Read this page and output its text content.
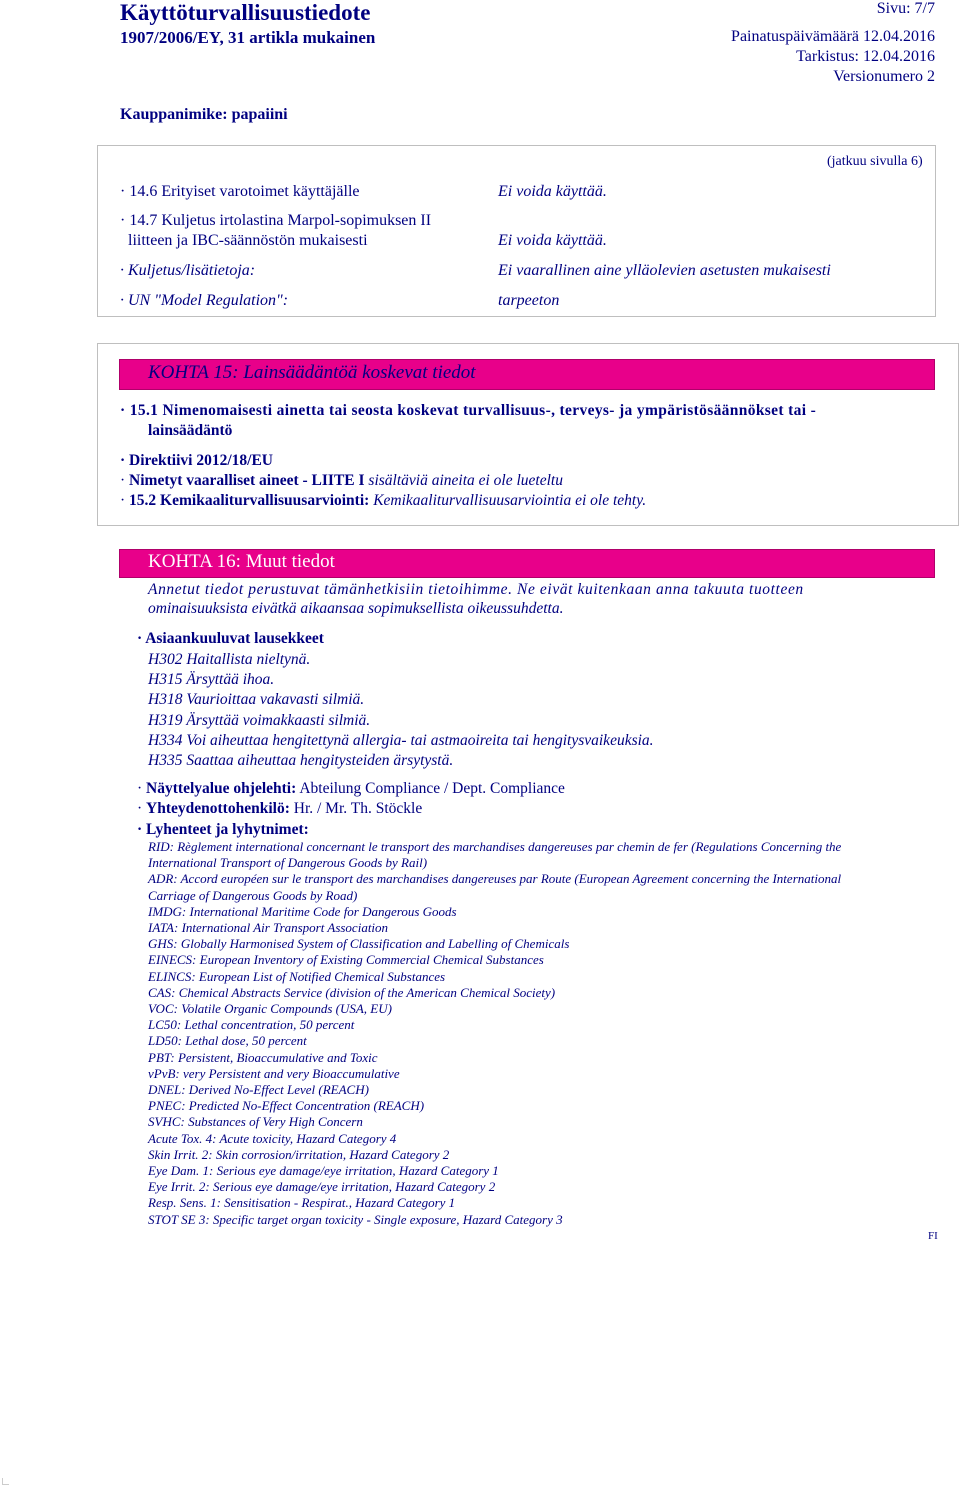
Käyttöturvallisuustiedote
1907/2006/EY, 31 artikla mukainen
Sivu: 7/7
Painatuspäivämäärä 12.04.2016
Tarkistus: 12.04.2016
Versionumero 2
Kauppanimike: papaiini
(jatkuu sivulla 6)
· 14.6 Erityiset varotoimet käyttäjälle	Ei voida käyttää.
· 14.7 Kuljetus irtolastina Marpol-sopimuksen II
liitteen ja IBC-säännöstön mukaisesti	Ei voida käyttää.
· Kuljetus/lisätietoja:	Ei vaarallinen aine ylläolevien asetusten mukaisesti
· UN "Model Regulation":	tarpeeton
KOHTA 15: Lainsäädäntöä koskevat tiedot
· 15.1 Nimenomaisesti ainetta tai seosta koskevat turvallisuus-, terveys- ja ympäristösäännökset tai -
lainsäädäntö
· Direktiivi 2012/18/EU
· Nimetyt vaaralliset aineet - LIITE I sisältäviä aineita ei ole lueteltu
· 15.2 Kemikaaliturvallisuusarviointi: Kemikaaliturvallisuusarviointia ei ole tehty.
KOHTA 16: Muut tiedot
Annetut tiedot perustuvat tämänhetkisiin tietoihimme. Ne eivät kuitenkaan anna takuuta tuotteen
ominaisuuksista eivätkä aikaansaa sopimuksellista oikeussuhdetta.
· Asiaankuuluvat lausekkeet
H302 Haitallista nieltynä.
H315 Ärsyttää ihoa.
H318 Vaurioittaa vakavasti silmiä.
H319 Ärsyttää voimakkaasti silmiä.
H334 Voi aiheuttaa hengitettynä allergia- tai astmaoireita tai hengitysvaikeuksia.
H335 Saattaa aiheuttaa hengitysteiden ärsytystä.
· Näyttelyalue ohjelehti: Abteilung Compliance / Dept. Compliance
· Yhteydenottohenkilö: Hr. / Mr. Th. Stöckle
· Lyhenteet ja lyhytnimet:
RID: Règlement international concernant le transport des marchandises dangereuses par chemin de fer (Regulations Concerning the
International Transport of Dangerous Goods by Rail)
ADR: Accord européen sur le transport des marchandises dangereuses par Route (European Agreement concerning the International
Carriage of Dangerous Goods by Road)
IMDG: International Maritime Code for Dangerous Goods
IATA: International Air Transport Association
GHS: Globally Harmonised System of Classification and Labelling of Chemicals
EINECS: European Inventory of Existing Commercial Chemical Substances
ELINCS: European List of Notified Chemical Substances
CAS: Chemical Abstracts Service (division of the American Chemical Society)
VOC: Volatile Organic Compounds (USA, EU)
LC50: Lethal concentration, 50 percent
LD50: Lethal dose, 50 percent
PBT: Persistent, Bioaccumulative and Toxic
vPvB: very Persistent and very Bioaccumulative
DNEL: Derived No-Effect Level (REACH)
PNEC: Predicted No-Effect Concentration (REACH)
SVHC: Substances of Very High Concern
Acute Tox. 4: Acute toxicity, Hazard Category 4
Skin Irrit. 2: Skin corrosion/irritation, Hazard Category 2
Eye Dam. 1: Serious eye damage/eye irritation, Hazard Category 1
Eye Irrit. 2: Serious eye damage/eye irritation, Hazard Category 2
Resp. Sens. 1: Sensitisation - Respirat., Hazard Category 1
STOT SE 3: Specific target organ toxicity - Single exposure, Hazard Category 3
FI
